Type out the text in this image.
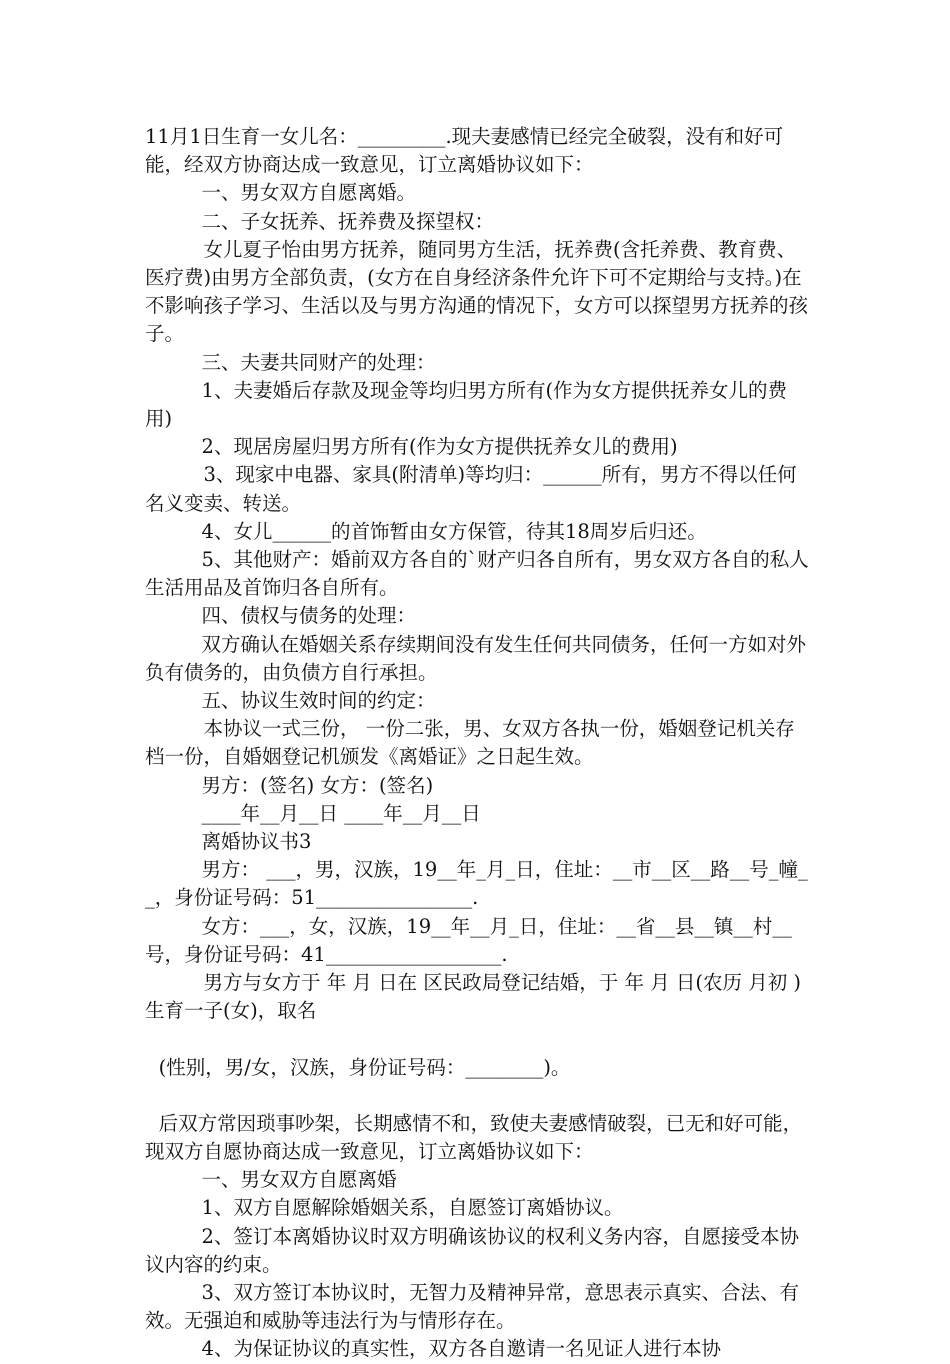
11月1日生育一女儿名：_________.现夫妻感情已经完全破裂，没有和好可能，经双方协商达成一致意见，订立离婚协议如下：

一、男女双方自愿离婚。

二、子女抚养、抚养费及探望权：

女儿夏子怡由男方抚养，随同男方生活，抚养费(含托养费、教育费、医疗费)由男方全部负责，(女方在自身经济条件允许下可不定期给与支持。)在不影响孩子学习、生活以及与男方沟通的情况下，女方可以探望男方抚养的孩子。

三、夫妻共同财产的处理：

1、夫妻婚后存款及现金等均归男方所有(作为女方提供抚养女儿的费用)

2、现居房屋归男方所有(作为女方提供抚养女儿的费用)

3、现家中电器、家具(附清单)等均归：______所有，男方不得以任何名义变卖、转送。

4、女儿______的首饰暂由女方保管，待其18周岁后归还。

5、其他财产：婚前双方各自的`财产归各自所有，男女双方各自的私人生活用品及首饰归各自所有。

四、债权与债务的处理：

双方确认在婚姻关系存续期间没有发生任何共同债务，任何一方如对外负有债务的，由负债方自行承担。

五、协议生效时间的约定：

本协议一式三份， 一份二张，男、女双方各执一份，婚姻登记机关存档一份，自婚姻登记机颁发《离婚证》之日起生效。

男方：(签名) 女方：(签名)

____年__月__日 ____年__月__日

离婚协议书3

男方： ___，男，汉族，19__年_月_日，住址：__市__区__路__号_幢__，身份证号码：51________________.

女方：___，女，汉族，19__年__月_日，住址：__省__县__镇__村__号，身份证号码：41__________________.

男方与女方于 年 月 日在 区民政局登记结婚，于 年 月 日(农历 月初 )生育一子(女)，取名

(性别，男/女，汉族，身份证号码：________)。

后双方常因琐事吵架，长期感情不和，致使夫妻感情破裂，已无和好可能，现双方自愿协商达成一致意见，订立离婚协议如下：

一、男女双方自愿离婚

1、双方自愿解除婚姻关系，自愿签订离婚协议。

2、签订本离婚协议时双方明确该协议的权利义务内容，自愿接受本协议内容的约束。

3、双方签订本协议时，无智力及精神异常，意思表示真实、合法、有效。无强迫和威胁等违法行为与情形存在。

4、为保证协议的真实性，双方各自邀请一名见证人进行本协
